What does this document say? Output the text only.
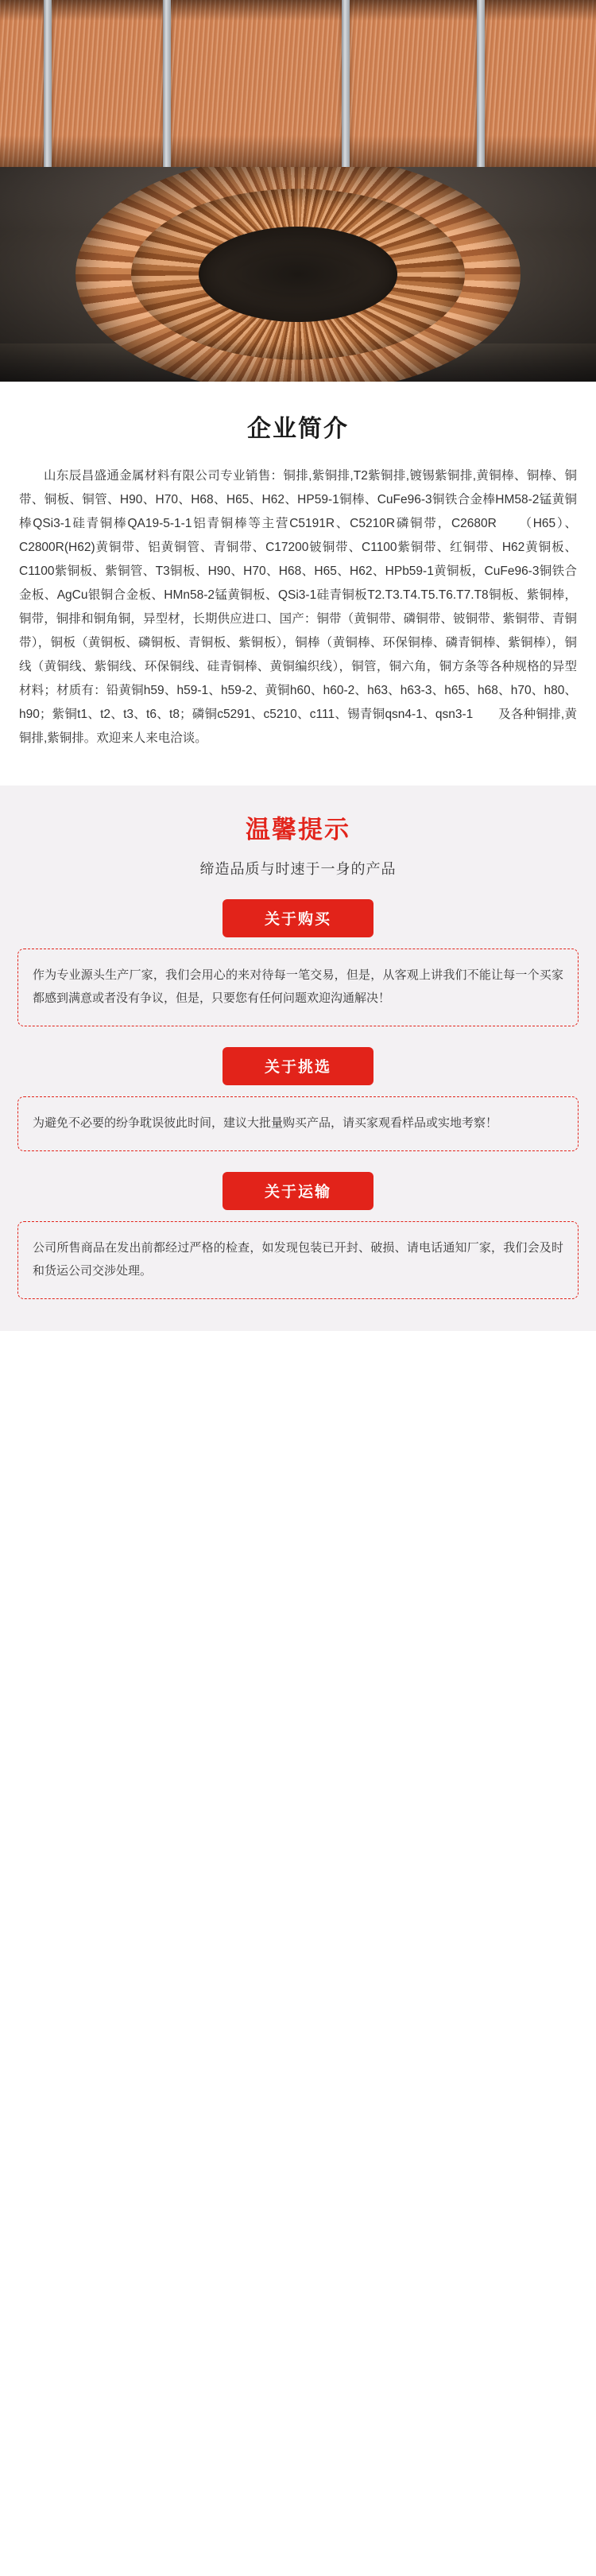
企业简介
山东辰昌盛通金属材料有限公司专业销售：铜排,紫铜排,T2紫铜排,镀锡紫铜排,黄铜棒、铜棒、铜带、铜板、铜管、H90、H70、H68、H65、H62、HP59-1铜棒、CuFe96-3铜铁合金棒HM58-2锰黄铜棒QSi3-1硅青铜棒QA19-5-1-1铝青铜棒等主营C5191R、C5210R磷铜带，C2680R　　（H65）、C2800R(H62)黄铜带、铝黄铜管、青铜带、C17200铍铜带、C1100紫铜带、红铜带、H62黄铜板、C1100紫铜板、紫铜管、T3铜板、H90、H70、H68、H65、H62、HPb59-1黄铜板，CuFe96-3铜铁合金板、AgCu银铜合金板、HMn58-2锰黄铜板、QSi3-1硅青铜板T2.T3.T4.T5.T6.T7.T8铜板、紫铜棒，铜带，铜排和铜角铜，异型材，长期供应进口、国产：铜带（黄铜带、磷铜带、铍铜带、紫铜带、青铜带），铜板（黄铜板、磷铜板、青铜板、紫铜板），铜棒（黄铜棒、环保铜棒、磷青铜棒、紫铜棒），铜线（黄铜线、紫铜线、环保铜线、硅青铜棒、黄铜编织线），铜管，铜六角，铜方条等各种规格的异型材料；材质有：铅黄铜h59、h59-1、h59-2、黄铜h60、h60-2、h63、h63-3、h65、h68、h70、h80、h90；紫铜t1、t2、t3、t6、t8；磷铜c5291、c5210、c111、锡青铜qsn4-1、qsn3-1　　及各种铜排,黄铜排,紫铜排。欢迎来人来电洽谈。
温馨提示
缔造品质与时速于一身的产品
关于购买
作为专业源头生产厂家，我们会用心的来对待每一笔交易，但是，从客观上讲我们不能让每一个买家都感到满意或者没有争议，但是，只要您有任何问题欢迎沟通解决！
关于挑选
为避免不必要的纷争耽误彼此时间，建议大批量购买产品，请买家观看样品或实地考察！
关于运输
公司所售商品在发出前都经过严格的检查，如发现包装已开封、破损、请电话通知厂家，我们会及时和货运公司交涉处理。
